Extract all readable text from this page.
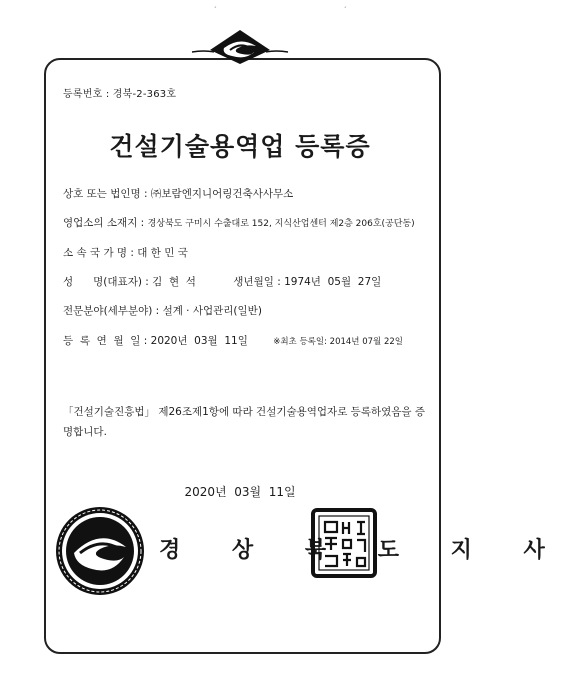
ˊ	ˊ
등록번호 : 경북-2-363호
건설기술용역업 등록증
상호 또는 법인명 : ㈜보람엔지니어링건축사사무소
영업소의 소재지 : 경상북도 구미시 수출대로 152, 지식산업센터 제2층 206호(공단동)
소 속 국 가 명 : 대 한 민 국
성      명(대표자) : 김  현  석	생년월일 : 1974년  05월  27일
전문분야(세부분야) : 설계 · 사업관리(일반)
등  록  연  월  일 : 2020년  03월  11일	※최초 등록일: 2014년 07월 22일
「건설기술진흥법」 제26조제1항에 따라 건설기술용역업자로 등록하였음을 증명합니다.
2020년  03월  11일
경 상 북 도 지 사
